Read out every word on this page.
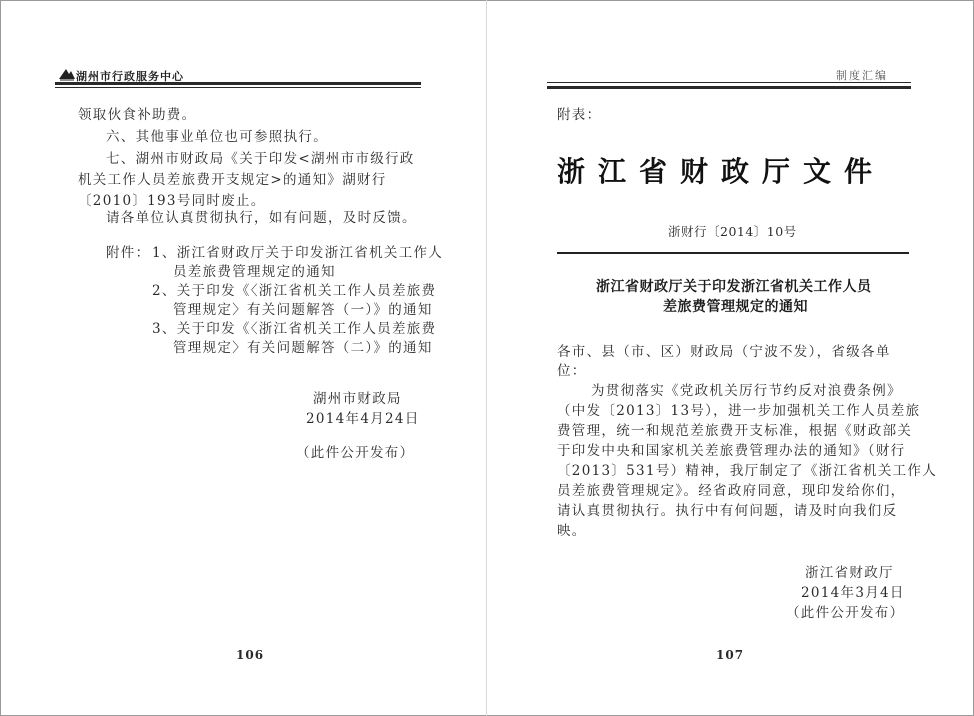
湖州市行政服务中心
领取伙食补助费。
六、其他事业单位也可参照执行。
七、湖州市财政局《关于印发<湖州市市级行政
机关工作人员差旅费开支规定>的通知》湖财行
〔2010〕193号同时废止。
请各单位认真贯彻执行，如有问题，及时反馈。
附件： 1、浙江省财政厅关于印发浙江省机关工作人
员差旅费管理规定的通知
2、关于印发《〈浙江省机关工作人员差旅费
管理规定〉有关问题解答（一）》的通知
3、关于印发《〈浙江省机关工作人员差旅费
管理规定〉有关问题解答（二）》的通知
湖州市财政局
2014年4月24日
（此件公开发布）
106
制度汇编
附表：
浙江省财政厅文件
浙财行〔2014〕10号
浙江省财政厅关于印发浙江省机关工作人员
差旅费管理规定的通知
各市、县（市、区）财政局（宁波不发），省级各单
位：
为贯彻落实《党政机关厉行节约反对浪费条例》
（中发〔2013〕13号），进一步加强机关工作人员差旅
费管理，统一和规范差旅费开支标准，根据《财政部关
于印发中央和国家机关差旅费管理办法的通知》（财行
〔2013〕531号）精神，我厅制定了《浙江省机关工作人
员差旅费管理规定》。经省政府同意，现印发给你们，
请认真贯彻执行。执行中有何问题，请及时向我们反
映。
浙江省财政厅
2014年3月4日
（此件公开发布）
107
